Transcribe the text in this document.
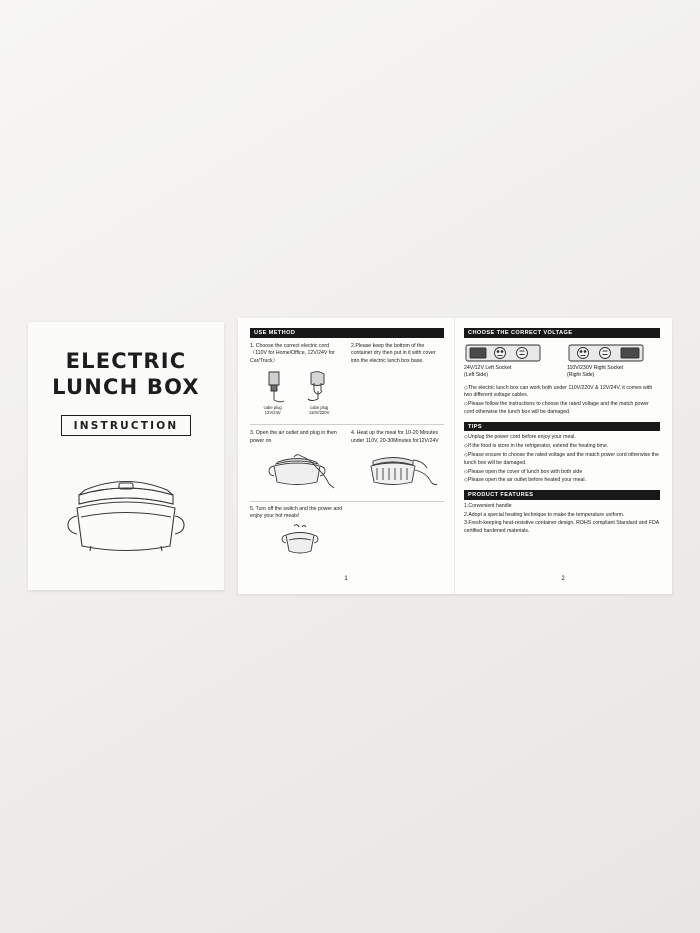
ELECTRIC
LUNCH BOX
INSTRUCTION
USE METHOD

1. Choose the correct electric cord（110V for Home/Office, 12V/24V for Car/Truck）

cabe plug
12V/24V
cabe plug
110V/220V

2.Please keep the bottom of the container dry then put in it with cover into the electric lunch box base.

3. Open the air outlet and plug in then power on

4. Heat up the meal for 10-20 Minutes under 110V, 20-30Minutes for12V/24V

5. Turn off the switch and the power and enjoy your hot meals!

1
CHOOSE THE CORRECT VOLTAGE
24V/12V Left Socket
(Left Side)
110V/230V Right Socket
(Right Side)

◇The electric lunch box can work both under 110V/220V & 12V/24V, it comes with two different voltage cables.

◇Please follow the instructions to choose the rated voltage and the match power cord otherwise the lunch box will be damaged.

TIPS

◇Unplug the power cord before enjoy your meal.

◇If the food is store in the refrigerator, extend the heating time.

◇Please ensure to choose the rated voltage and the match power cord otherwise the lunch box will be damaged.

◇Please open the cover of lunch box with both side

◇Please open the air outlet before heated your meal.

PRODUCT FEATURES

1.Convenient handle

2.Adopt a special heating technique to make the temperature uniform.

3.Fresh-keeping heat-resistive container design, ROHS compliant Standard and FDA certified hardened materials.

2
